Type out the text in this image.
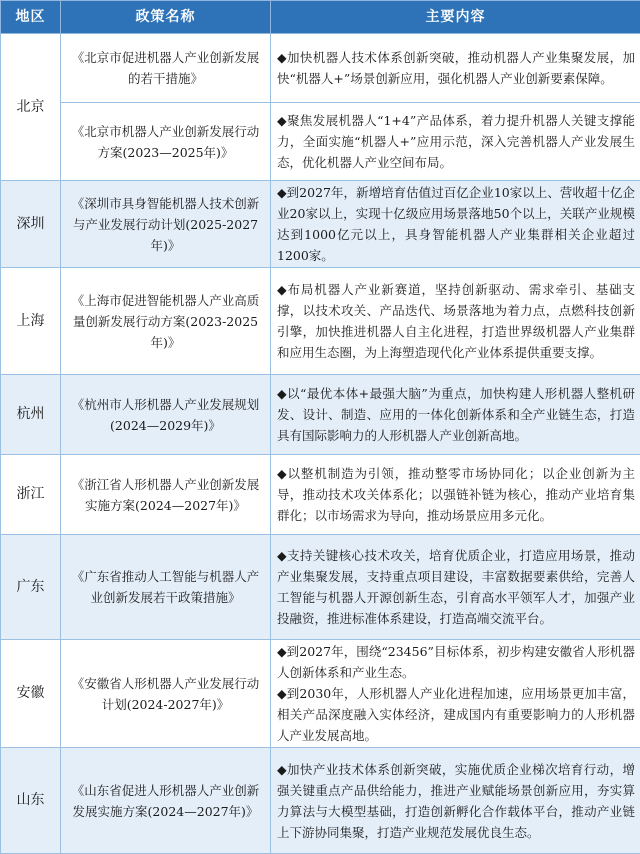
地区	政策名称	主要内容
北京	《北京市促进机器人产业创新发展的若干措施》	◆加快机器人技术体系创新突破，推动机器人产业集聚发展，加快“机器人+”场景创新应用，强化机器人产业创新要素保障。

	《北京市机器人产业创新发展行动方案(2023—2025年)》	◆聚焦发展机器人“1+4”产品体系，着力提升机器人关键支撑能力，全面实施“机器人+”应用示范，深入完善机器人产业发展生态，优化机器人产业空间布局。

深圳	《深圳市具身智能机器人技术创新与产业发展行动计划(2025-2027年)》	◆到2027年，新增培育估值过百亿企业10家以上、营收超十亿企业20家以上，实现十亿级应用场景落地50个以上，关联产业规模达到1000亿元以上，具身智能机器人产业集群相关企业超过1200家。

上海	《上海市促进智能机器人产业高质量创新发展行动方案(2023-2025年)》	◆布局机器人产业新赛道，坚持创新驱动、需求牵引、基础支撑，以技术攻关、产品迭代、场景落地为着力点，点燃科技创新引擎，加快推进机器人自主化进程，打造世界级机器人产业集群和应用生态圈，为上海塑造现代化产业体系提供重要支撑。

杭州	《杭州市人形机器人产业发展规划(2024—2029年)》	◆以“最优本体+最强大脑”为重点，加快构建人形机器人整机研发、设计、制造、应用的一体化创新体系和全产业链生态，打造具有国际影响力的人形机器人产业创新高地。

浙江	《浙江省人形机器人产业创新发展实施方案(2024—2027年)》	◆以整机制造为引领，推动整零市场协同化；以企业创新为主导，推动技术攻关体系化；以强链补链为核心，推动产业培育集群化；以市场需求为导向，推动场景应用多元化。

广东	《广东省推动人工智能与机器人产业创新发展若干政策措施》	◆支持关键核心技术攻关，培育优质企业，打造应用场景，推动产业集聚发展，支持重点项目建设，丰富数据要素供给，完善人工智能与机器人开源创新生态，引育高水平领军人才，加强产业投融资，推进标准体系建设，打造高端交流平台。

安徽	《安徽省人形机器人产业发展行动计划(2024-2027年)》	◆到2027年，围绕“23456”目标体系，初步构建安徽省人形机器人创新体系和产业生态。
◆到2030年，人形机器人产业化进程加速，应用场景更加丰富，相关产品深度融入实体经济，建成国内有重要影响力的人形机器人产业发展高地。

山东	《山东省促进人形机器人产业创新发展实施方案(2024—2027年)》	◆加快产业技术体系创新突破，实施优质企业梯次培育行动，增强关键重点产品供给能力，推进产业赋能场景创新应用，夯实算力算法与大模型基础，打造创新孵化合作载体平台，推动产业链上下游协同集聚，打造产业规范发展优良生态。
